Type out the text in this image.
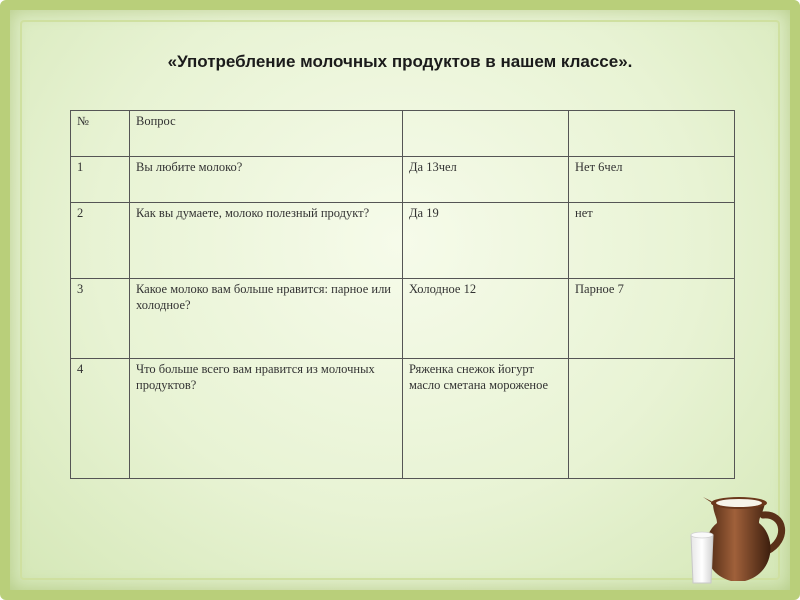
«Употребление молочных продуктов в нашем классе».
№	Вопрос		
1	Вы любите молоко?	Да 13чел	Нет 6чел
2	Как вы думаете, молоко полезный продукт?	Да 19	нет
3	Какое молоко вам больше нравится: парное или холодное?	Холодное 12	Парное 7
4	Что больше всего вам нравится из молочных продуктов?	Ряженка снежок йогурт масло сметана мороженое	
